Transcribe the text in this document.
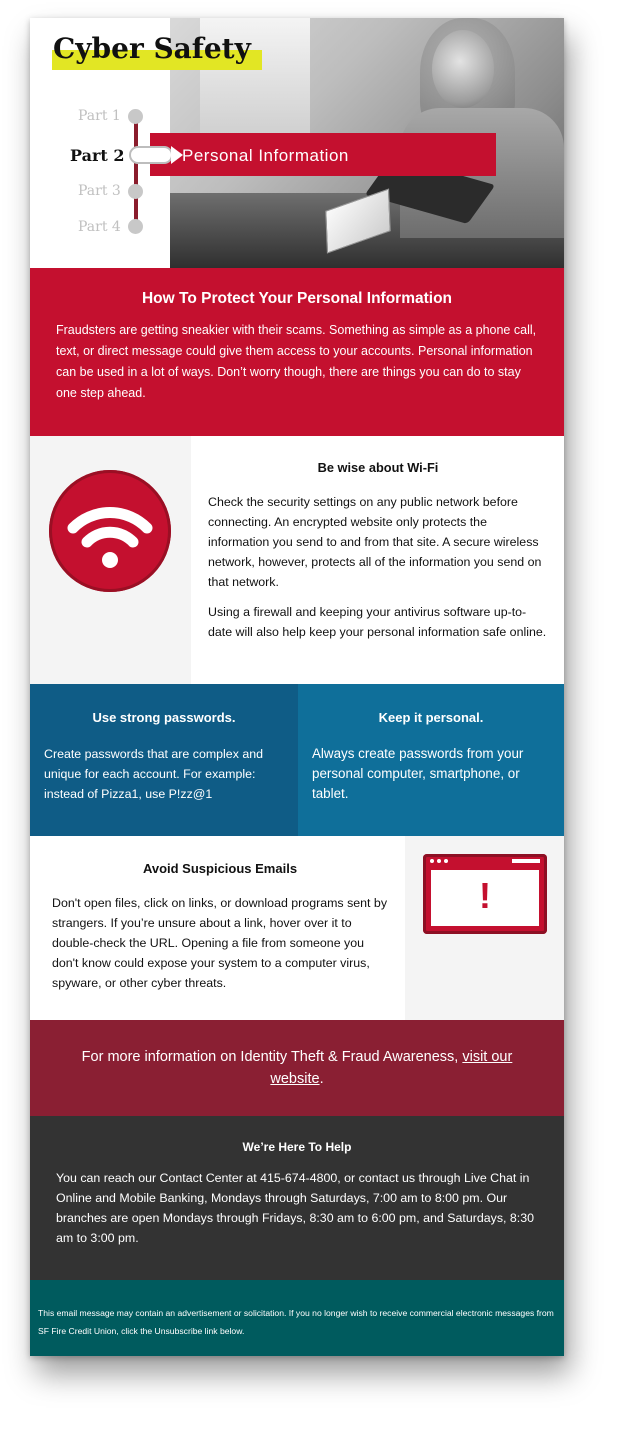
Cyber Safety
Part 1
Part 2
Part 3
Part 4
Personal Information
How To Protect Your Personal Information

Fraudsters are getting sneakier with their scams. Something as simple as a phone call, text, or direct message could give them access to your accounts. Personal information can be used in a lot of ways. Don’t worry though, there are things you can do to stay one step ahead.

Be wise about Wi-Fi

Check the security settings on any public network before connecting. An encrypted website only protects the information you send to and from that site. A secure wireless network, however, protects all of the information you send on that network.

Using a firewall and keeping your antivirus software up-to-date will also help keep your personal information safe online.

Use strong passwords.

Create passwords that are complex and unique for each account. For example: instead of Pizza1, use P!zz@1

Keep it personal.

Always create passwords from your personal computer, smartphone, or tablet.

!
Avoid Suspicious Emails

Don't open files, click on links, or download programs sent by strangers. If you’re unsure about a link, hover over it to double-check the URL. Opening a file from someone you don't know could expose your system to a computer virus, spyware, or other cyber threats.

For more information on Identity Theft & Fraud Awareness, visit our website.

We’re Here To Help

You can reach our Contact Center at 415-674-4800, or contact us through Live Chat in Online and Mobile Banking, Mondays through Saturdays, 7:00 am to 8:00 pm. Our branches are open Mondays through Fridays, 8:30 am to 6:00 pm, and Saturdays, 8:30 am to 3:00 pm.

This email message may contain an advertisement or solicitation. If you no longer wish to receive commercial electronic messages from SF Fire Credit Union, click the Unsubscribe link below.
